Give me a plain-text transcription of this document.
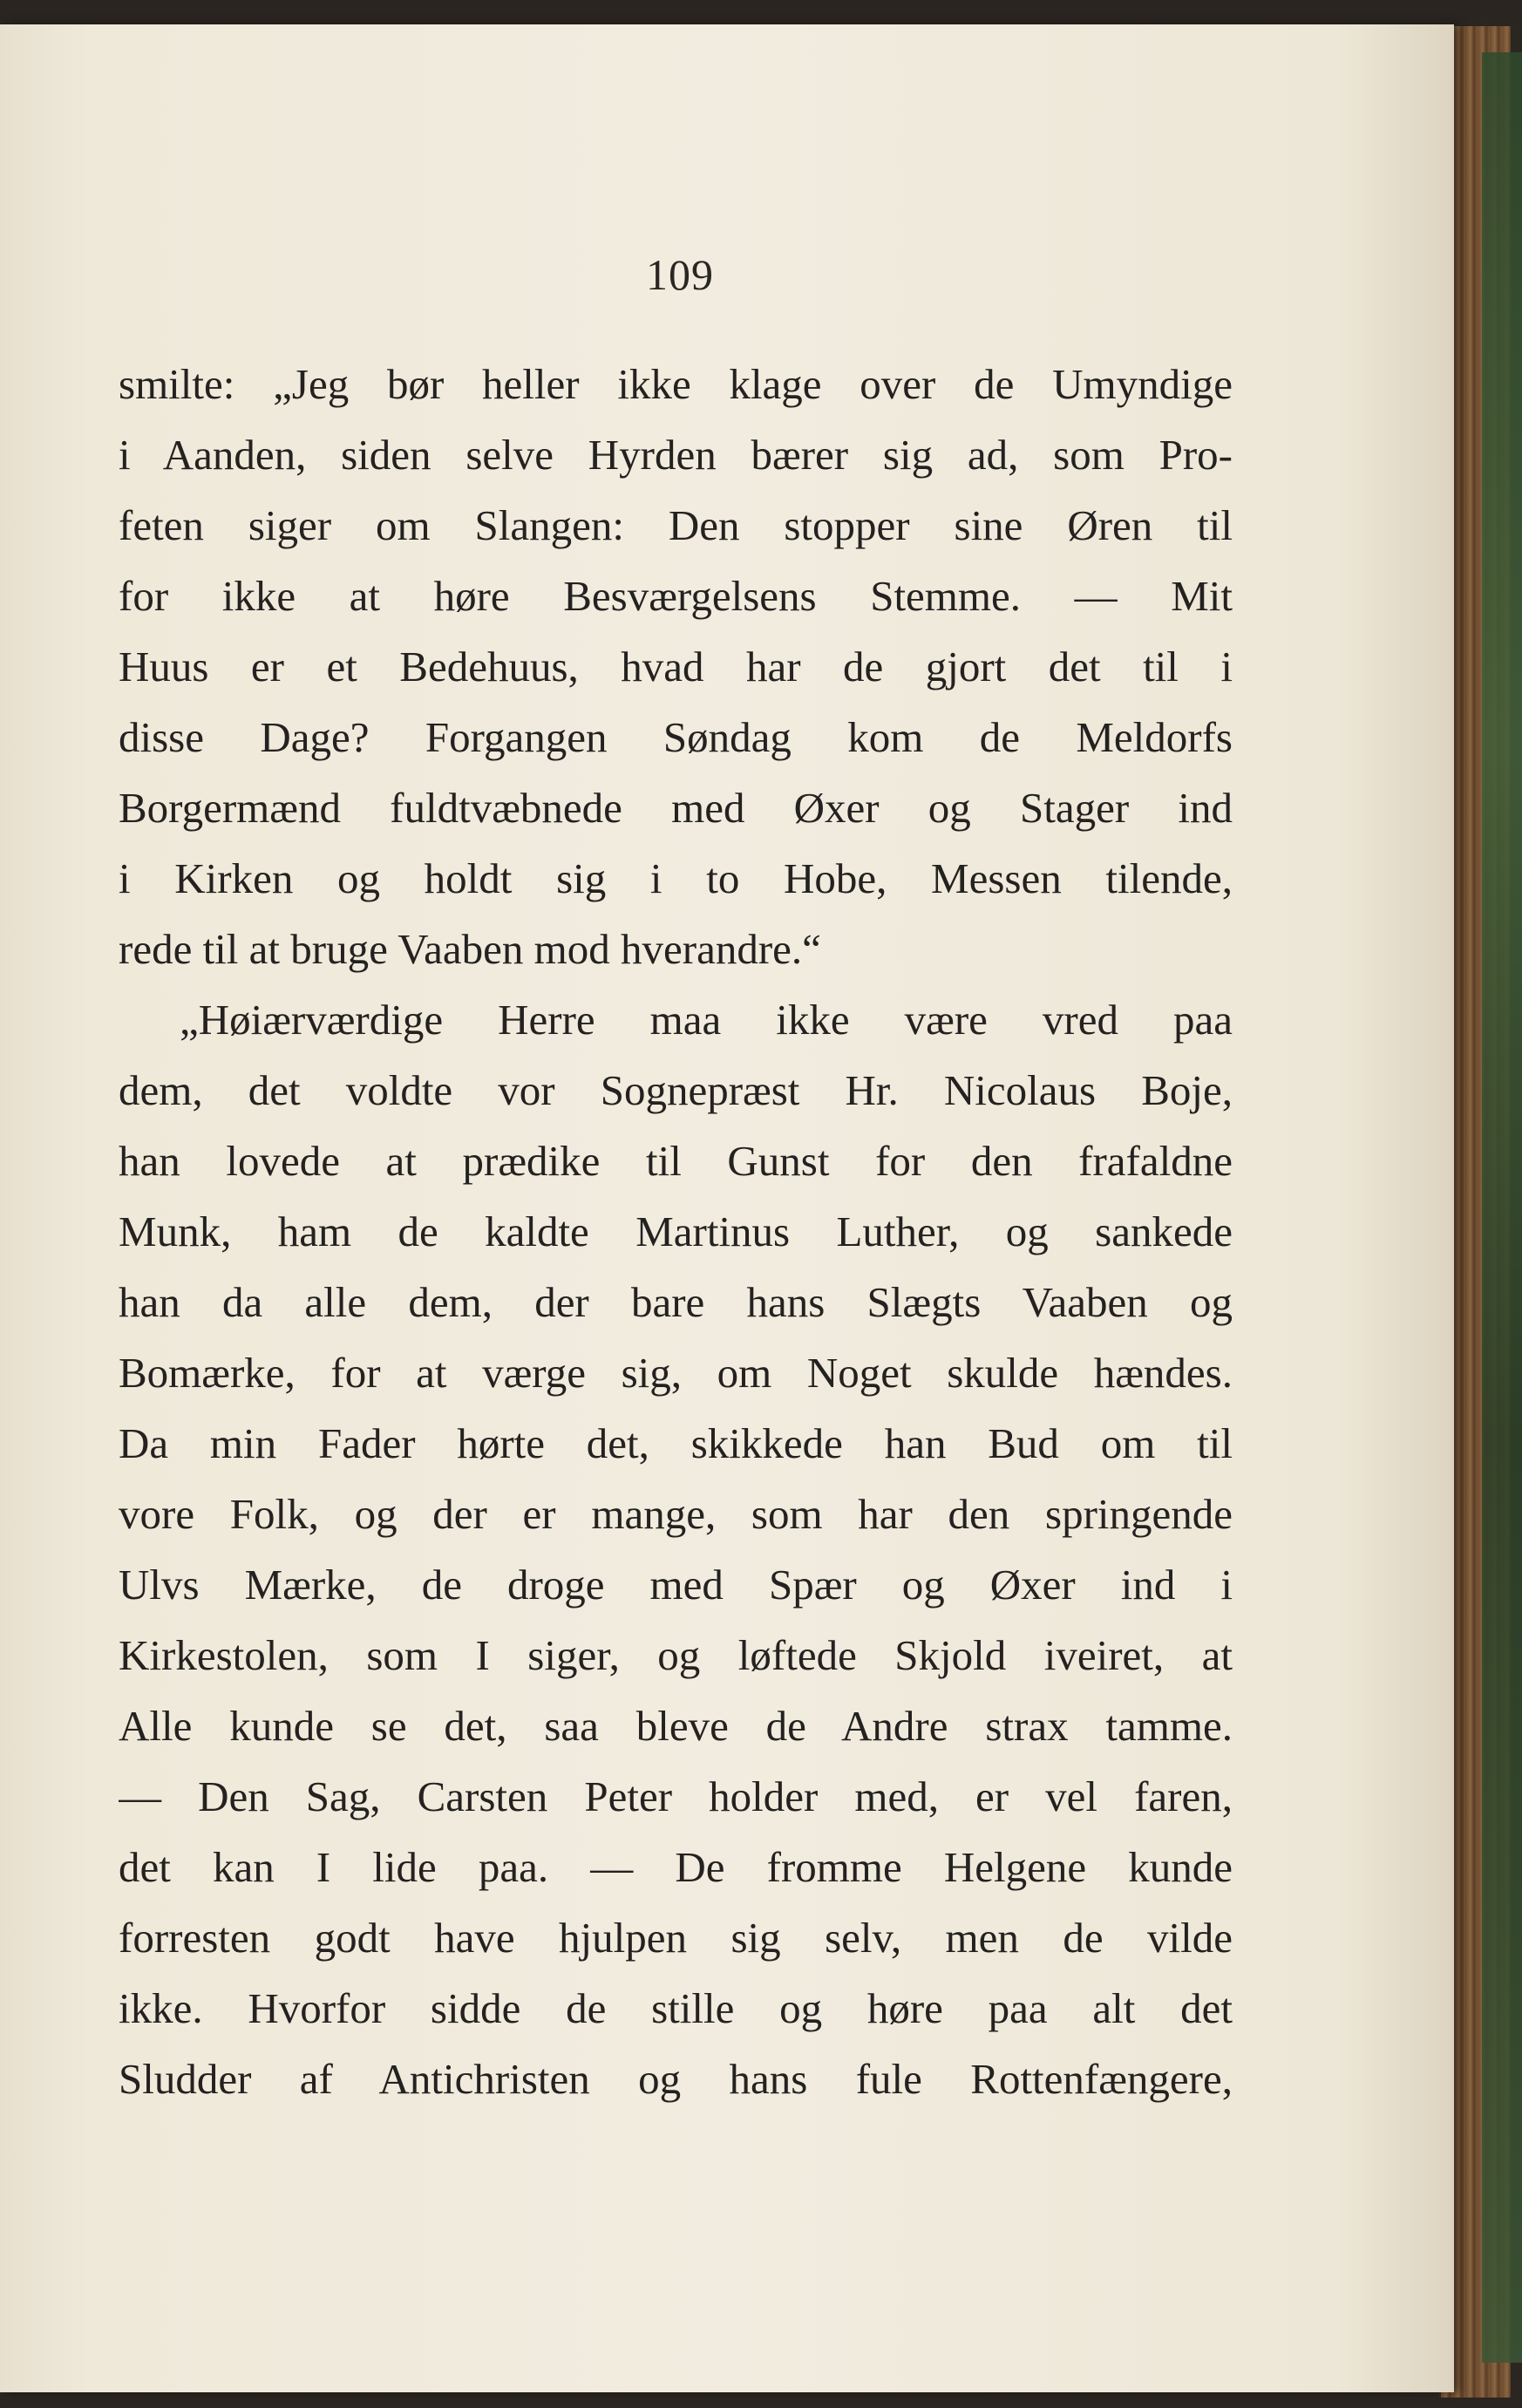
109
smilte: „Jeg bør heller ikke klage over de Umyndige
i Aanden, siden selve Hyrden bærer sig ad, som Pro-
feten siger om Slangen: Den stopper sine Øren til
for ikke at høre Besværgelsens Stemme. — Mit
Huus er et Bedehuus, hvad har de gjort det til i
disse Dage? Forgangen Søndag kom de Meldorfs
Borgermænd fuldtvæbnede med Øxer og Stager ind
i Kirken og holdt sig i to Hobe, Messen tilende,
rede til at bruge Vaaben mod hverandre.“
„Høiærværdige Herre maa ikke være vred paa
dem, det voldte vor Sognepræst Hr. Nicolaus Boje,
han lovede at prædike til Gunst for den frafaldne
Munk, ham de kaldte Martinus Luther, og sankede
han da alle dem, der bare hans Slægts Vaaben og
Bomærke, for at værge sig, om Noget skulde hændes.
Da min Fader hørte det, skikkede han Bud om til
vore Folk, og der er mange, som har den springende
Ulvs Mærke, de droge med Spær og Øxer ind i
Kirkestolen, som I siger, og løftede Skjold iveiret, at
Alle kunde se det, saa bleve de Andre strax tamme.
— Den Sag, Carsten Peter holder med, er vel faren,
det kan I lide paa. — De fromme Helgene kunde
forresten godt have hjulpen sig selv, men de vilde
ikke. Hvorfor sidde de stille og høre paa alt det
Sludder af Antichristen og hans fule Rottenfængere,
